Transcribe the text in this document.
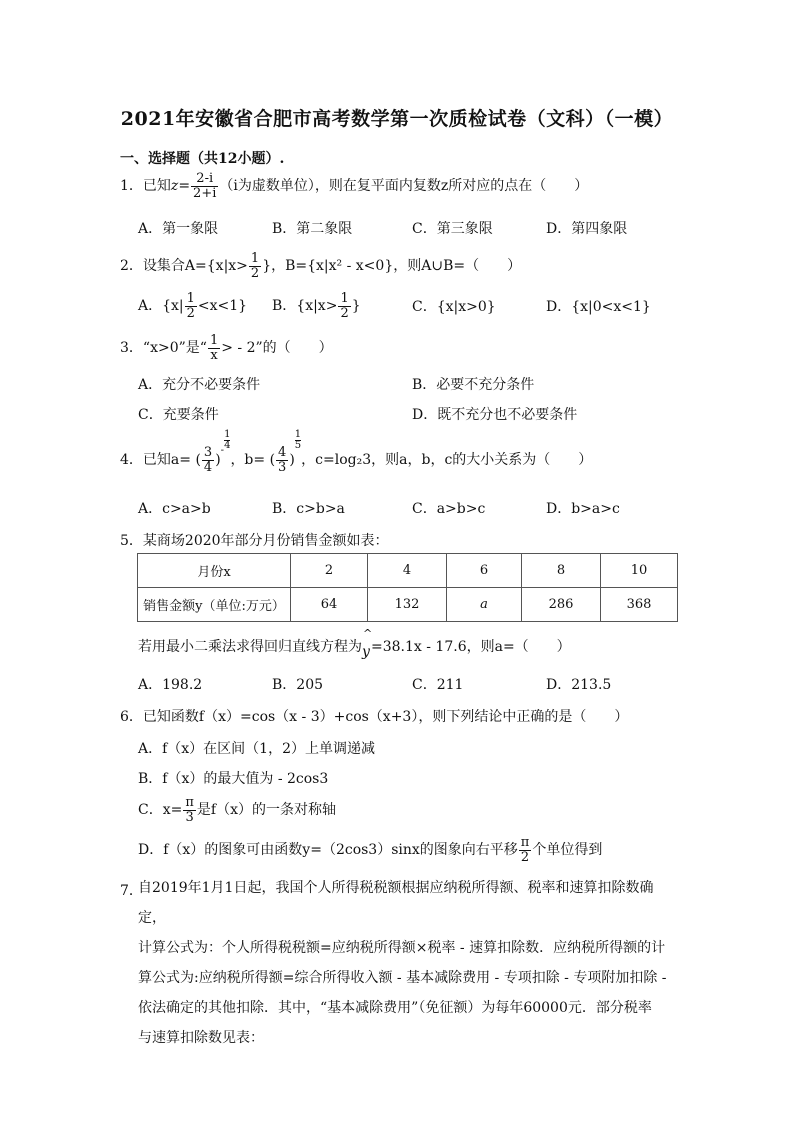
2021年安徽省合肥市高考数学第一次质检试卷（文科）（一模）
一、选择题（共12小题）.
1．已知$z= \frac{2-i}{2+i} (i$为虚数单位），则在复平面内复数z所对应的点在（　　）
A．第一象限	B．第二象限	C．第三象限	D．第四象限
2．设集合$A=\{x|x> \frac{1}{2}$ }，B={x|x² - x<0}，则A∪B=（　　）
A．$\{x| \frac{1}{2} <x<1\}$ B．{$x|x> \frac{1}{2}$ }	C．{x|x>0}	D．{x|0<x<1}
3．“x>0”是“ $\frac{1}{x}$ > - 2”的（　　）
A．充分不必要条件	B．必要不充分条件
C．充要条件	D．既不充分也不必要条件
4．已知a= ( $\frac{3}{4} )^- \frac{1}{4}$
，b= ( $\frac{4}{3}$ )
$\frac{1}{5}$
，c=log₂3，则a，b，c的大小关系为（　　）
A．c>a>b	B．c>b>a	C．a>b>c	D．b>a>c
5．某商场2020年部分月份销售金额如表：
月份x	2	4	6	8	10
销售金额y（单位:万元）	64	132	a	286	368
若用最小二乘法求得回归直线方程为
^
y=38.1x - 17.6，则a=（　　）
A．198.2	B．205	C．211	D．213.5
6．已知函数f（x）=cos（x - 3）+cos（x+3），则下列结论中正确的是（　　）
A．f（x）在区间（1，2）上单调递减
B．f（x）的最大值为 - 2cos3
C．$x= \frac{\pi}{3}$ 是f（x）的一条对称轴
D．f（x）的图象可由函数y=（2cos3）sinx的图象向右平移 $\frac{\pi}{2}$ 个单位得到
7．
自2019年1月1日起，我国个人所得税税额根据应纳税所得额、税率和速算扣除数确定，
计算公式为：个人所得税税额=应纳税所得额×税率 - 速算扣除数．应纳税所得额的计
算公式为:应纳税所得额=综合所得收入额 - 基本减除费用 - 专项扣除 - 专项附加扣除 -
依法确定的其他扣除．其中，“基本减除费用”（免征额）为每年60000元．部分税率
与速算扣除数见表：
